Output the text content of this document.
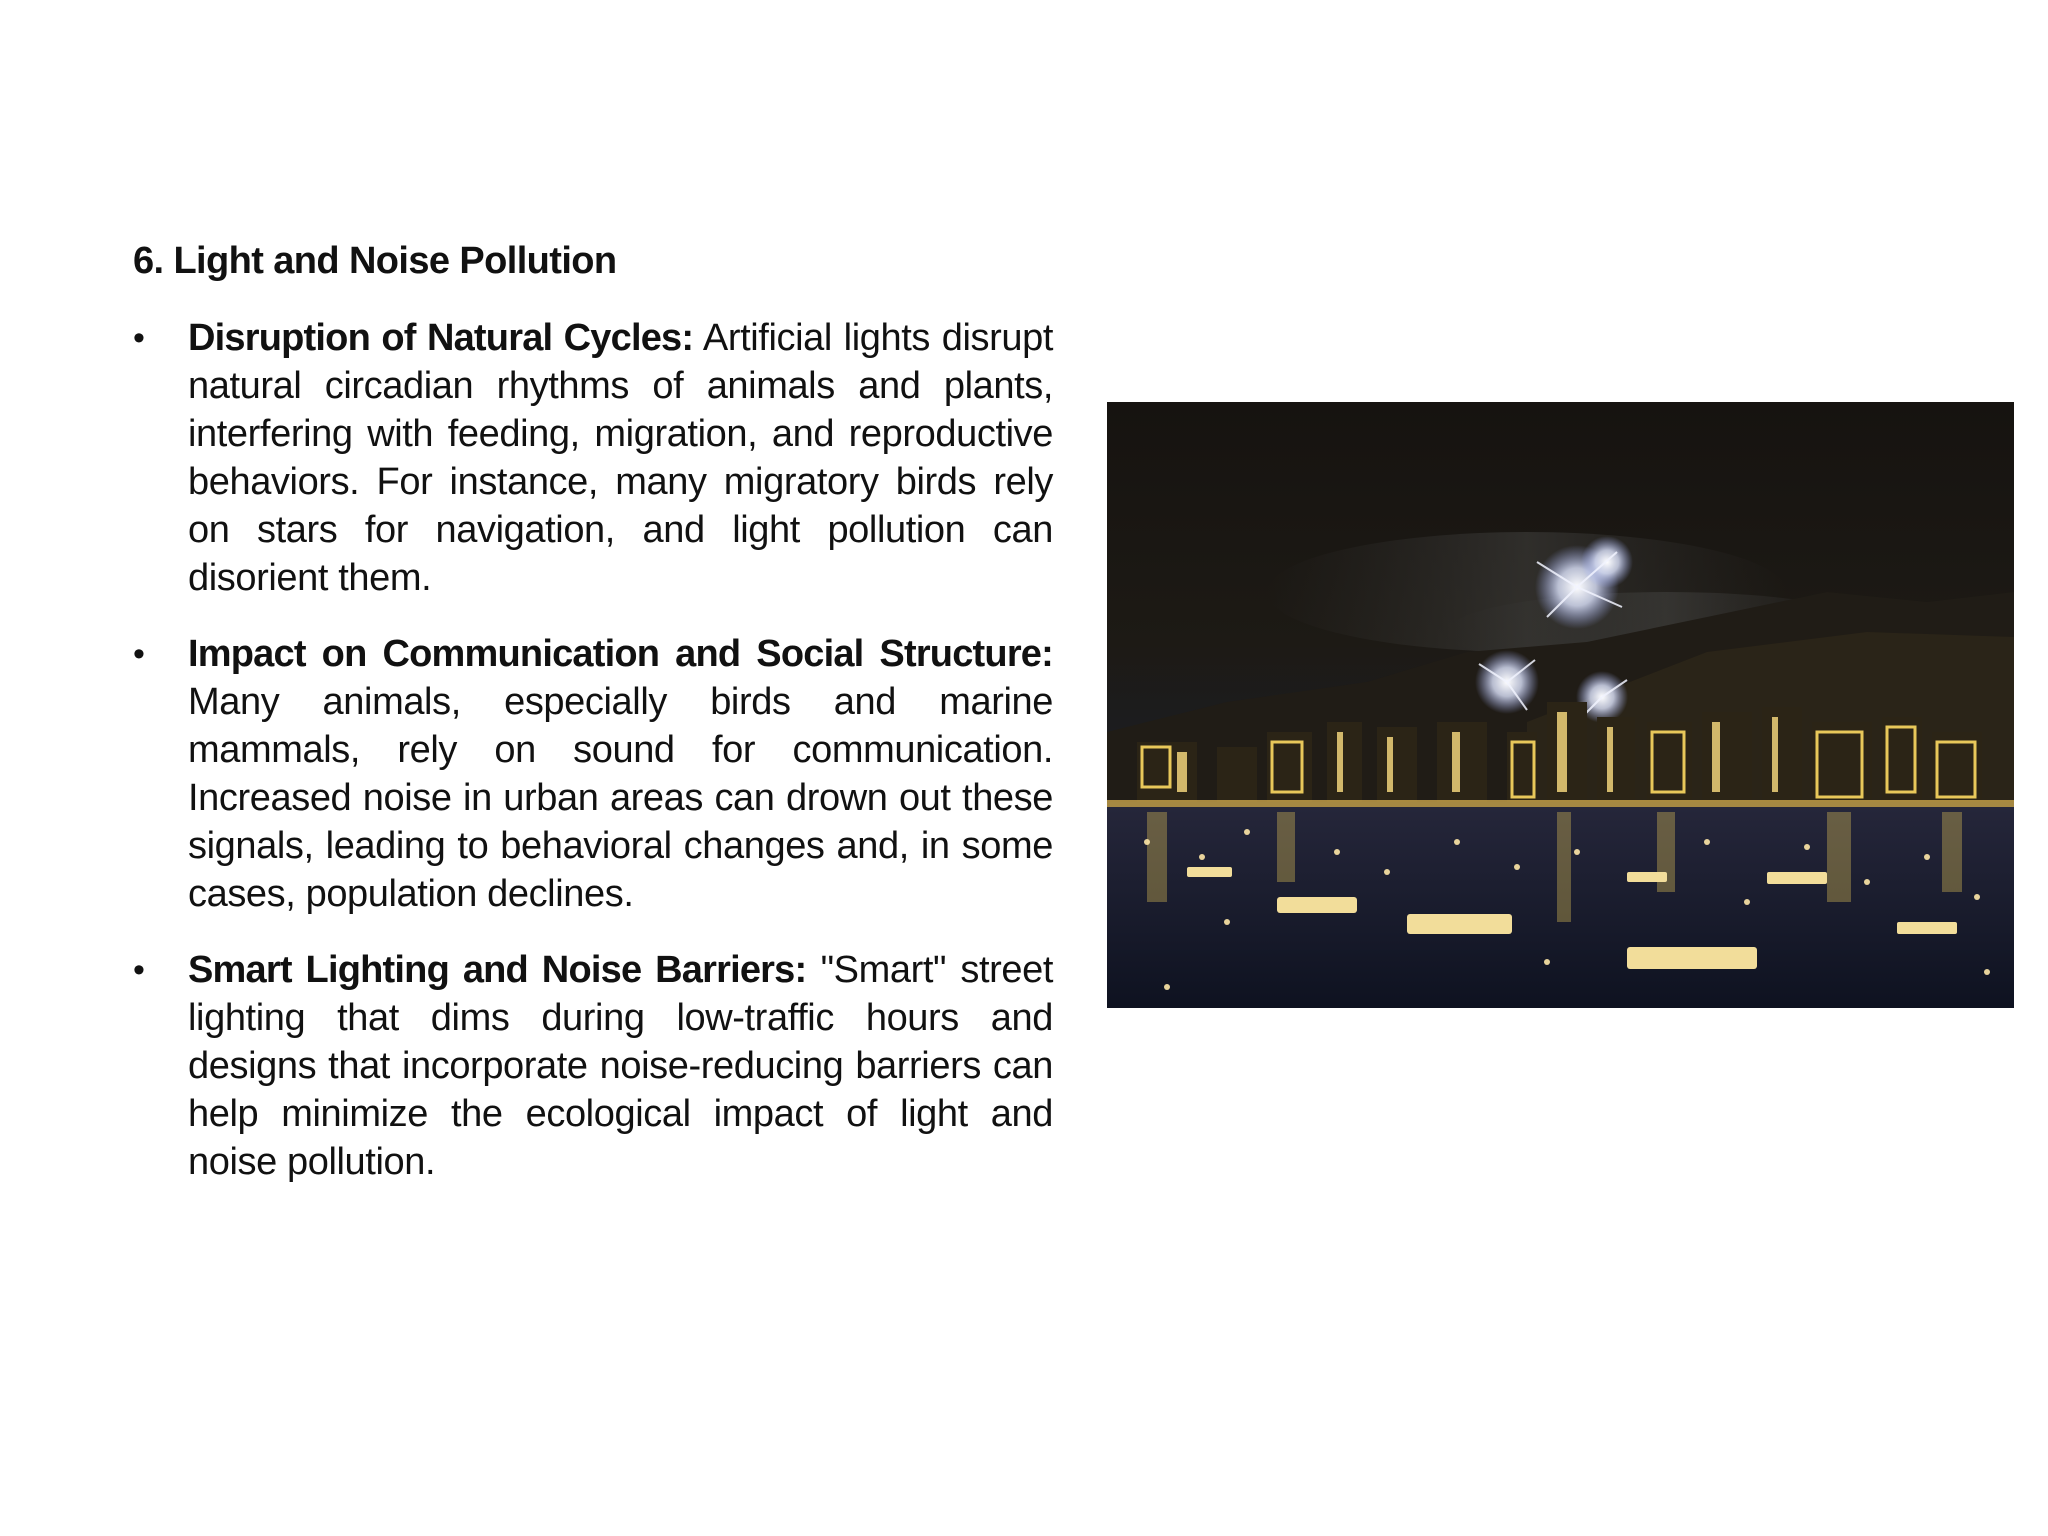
6. Light and Noise Pollution
• Disruption of Natural Cycles: Artificial lights disrupt natural circadian rhythms of animals and plants, interfering with feeding, migration, and reproductive behaviors. For instance, many migratory birds rely on stars for navigation, and light pollution can disorient them.
• Impact on Communication and Social Structure: Many animals, especially birds and marine mammals, rely on sound for communication. Increased noise in urban areas can drown out these signals, leading to behavioral changes and, in some cases, population declines.
• Smart Lighting and Noise Barriers: "Smart" street lighting that dims during low-traffic hours and designs that incorporate noise-reducing barriers can help minimize the ecological impact of light and noise pollution.
